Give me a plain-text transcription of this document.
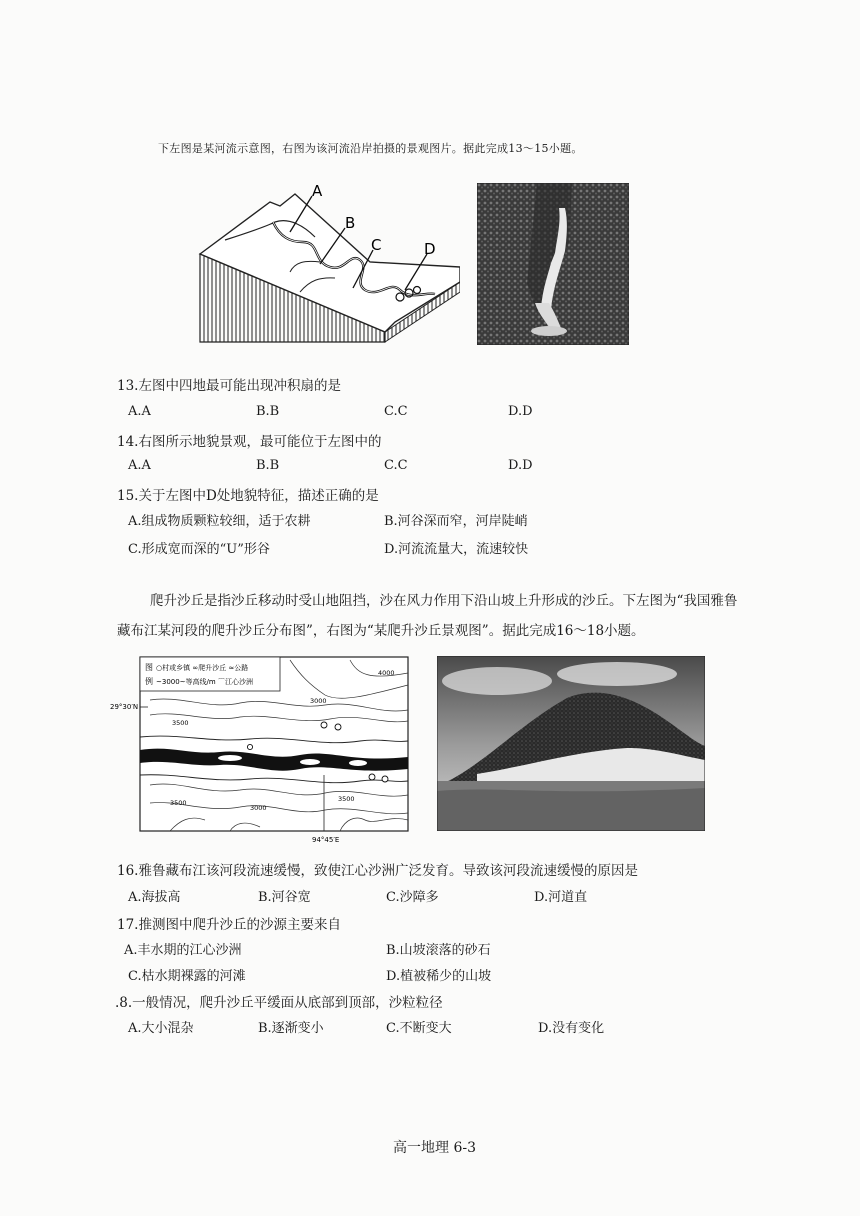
下左图是某河流示意图，右图为该河流沿岸拍摄的景观图片。据此完成13～15小题。
A
B
C	D
13.左图中四地最可能出现冲积扇的是
A.A	B.B	C.C	D.D
14.右图所示地貌景观，最可能位于左图中的
A.A	B.B	C.C	D.D
15.关于左图中D处地貌特征，描述正确的是
A.组成物质颗粒较细，适于农耕	B.河谷深而窄，河岸陡峭
C.形成宽而深的“U”形谷	D.河流流量大，流速较快
爬升沙丘是指沙丘移动时受山地阻挡，沙在风力作用下沿山坡上升形成的沙丘。下左图为“我国雅鲁
藏布江某河段的爬升沙丘分布图”，右图为“某爬升沙丘景观图”。据此完成16～18小题。
图
例
○村或乡镇 ∞爬升沙丘 ≈公路
~3000~等高线/m ⌒江心沙洲
29°30′N
94°45′E
3500
3000
3500
3000
3500
4000
16.雅鲁藏布江该河段流速缓慢，致使江心沙洲广泛发育。导致该河段流速缓慢的原因是
A.海拔高	B.河谷宽	C.沙障多	D.河道直
17.推测图中爬升沙丘的沙源主要来自
A.丰水期的江心沙洲	B.山坡滚落的砂石
C.枯水期裸露的河滩	D.植被稀少的山坡
.8.一般情况，爬升沙丘平缓面从底部到顶部，沙粒粒径
A.大小混杂	B.逐渐变小	C.不断变大	D.没有变化
高一地理 6-3
